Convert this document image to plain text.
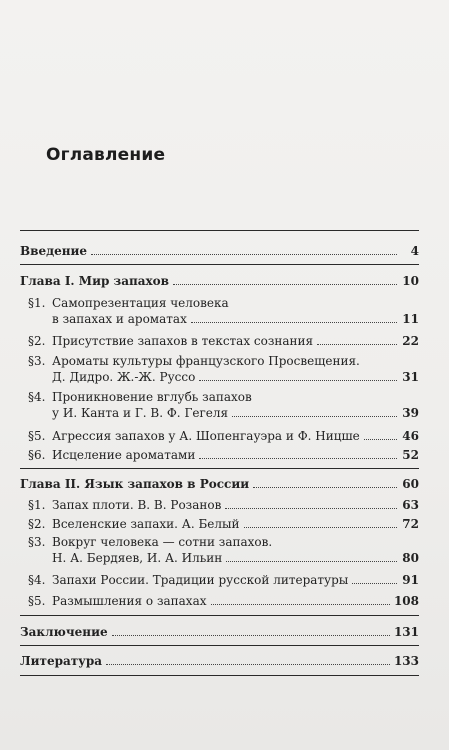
Оглавление
Введение	4
Глава I. Мир запахов	10
§1. Самопрезентация человека
в запахах и ароматах	11
§2. Присутствие запахов в текстах сознания	22
§3. Ароматы культуры французского Просвещения.
Д. Дидро. Ж.-Ж. Руссо	31
§4. Проникновение вглубь запахов
у И. Канта и Г. В. Ф. Гегеля	39
§5. Агрессия запахов у А. Шопенгауэра и Ф. Ницше	46
§6. Исцеление ароматами	52
Глава II. Язык запахов в России	60
§1. Запах плоти. В. В. Розанов	63
§2. Вселенские запахи. А. Белый	72
§3. Вокруг человека — сотни запахов.
Н. А. Бердяев, И. А. Ильин	80
§4. Запахи России. Традиции русской литературы	91
§5. Размышления о запахах	108
Заключение	131
Литература	133
